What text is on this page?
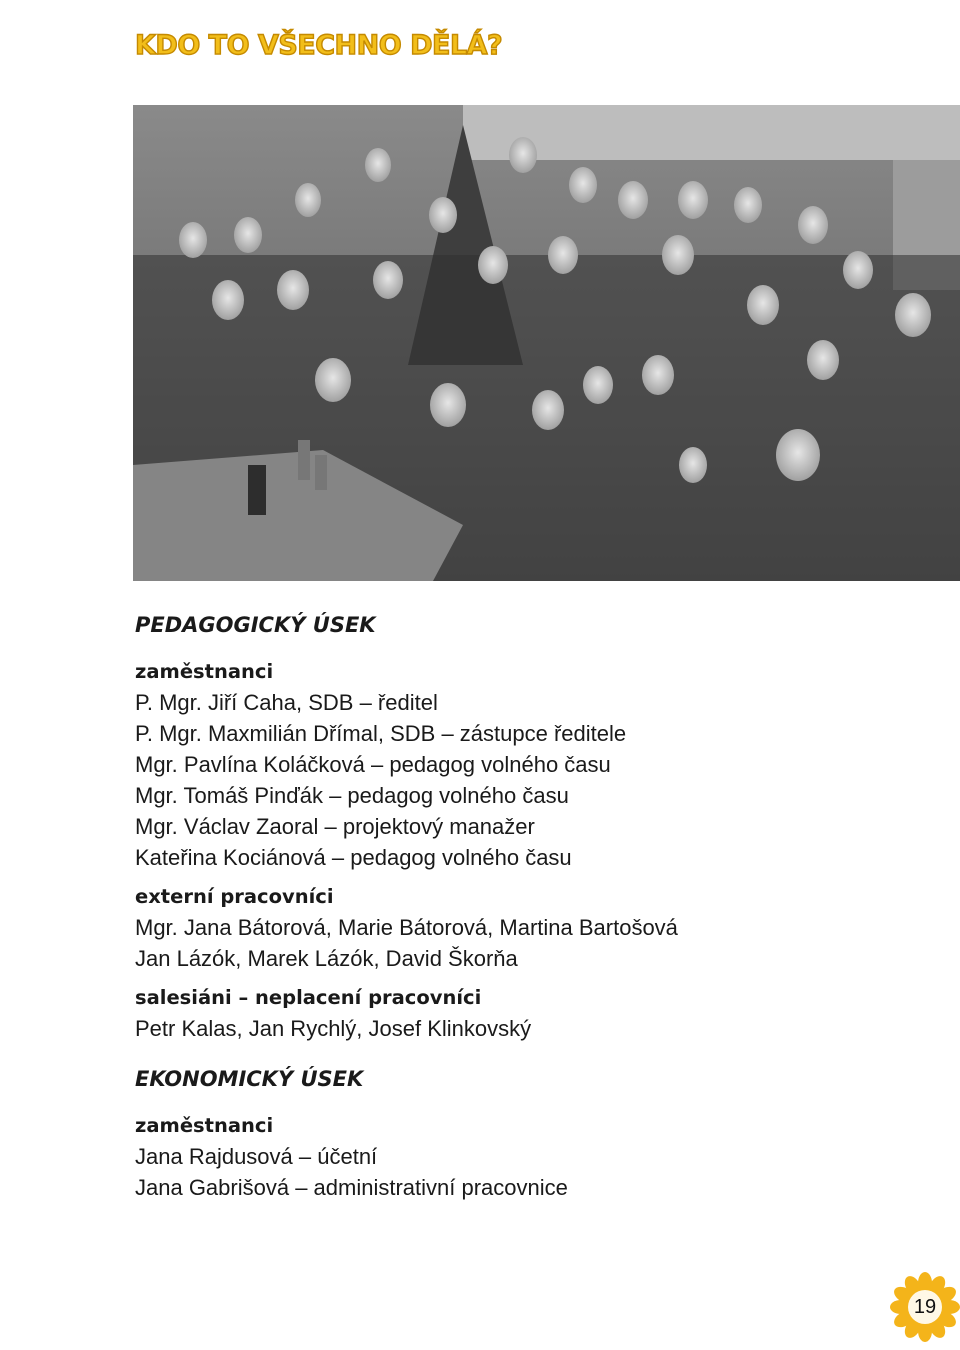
KDO TO VŠECHNO DĚLÁ?
PEDAGOGICKÝ ÚSEK
zaměstnanci
P. Mgr. Jiří Caha, SDB – ředitel
P. Mgr. Maxmilián Dřímal, SDB – zástupce ředitele
Mgr. Pavlína Koláčková – pedagog volného času
Mgr. Tomáš Pinďák – pedagog volného času
Mgr. Václav Zaoral – projektový manažer
Kateřina Kociánová – pedagog volného času
externí pracovníci
Mgr. Jana Bátorová, Marie Bátorová, Martina Bartošová
Jan Lázók, Marek Lázók, David Škorňa
salesiáni – neplacení pracovníci
Petr Kalas, Jan Rychlý, Josef Klinkovský
EKONOMICKÝ ÚSEK
zaměstnanci
Jana Rajdusová – účetní
Jana Gabrišová – administrativní pracovnice
19
